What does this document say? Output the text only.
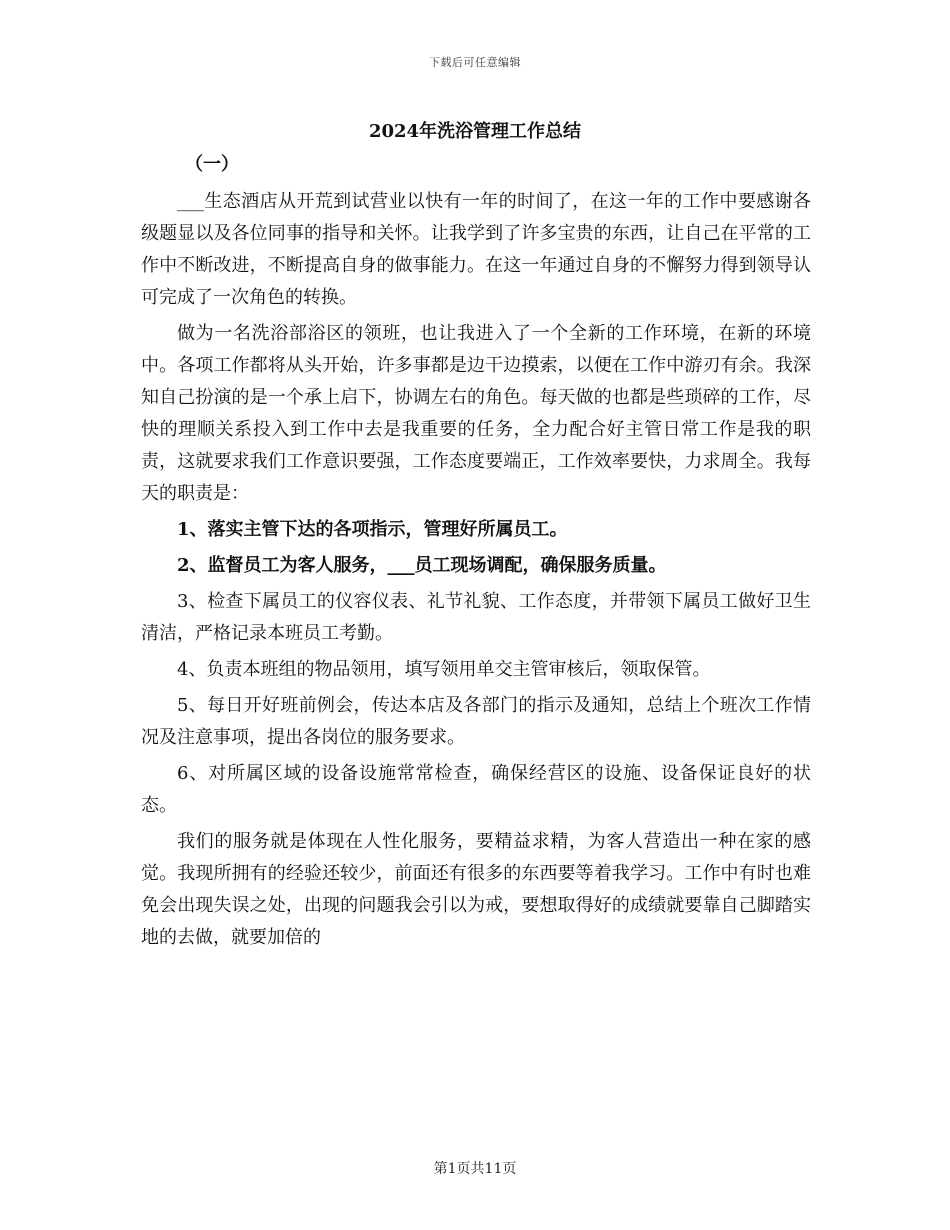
下载后可任意编辑
2024年洗浴管理工作总结
（一）

___生态酒店从开荒到试营业以快有一年的时间了，在这一年的工作中要感谢各级题显以及各位同事的指导和关怀。让我学到了许多宝贵的东西，让自己在平常的工作中不断改进，不断提高自身的做事能力。在这一年通过自身的不懈努力得到领导认可完成了一次角色的转换。

做为一名洗浴部浴区的领班，也让我进入了一个全新的工作环境，在新的环境中。各项工作都将从头开始，许多事都是边干边摸索，以便在工作中游刃有余。我深知自己扮演的是一个承上启下，协调左右的角色。每天做的也都是些琐碎的工作，尽快的理顺关系投入到工作中去是我重要的任务，全力配合好主管日常工作是我的职责，这就要求我们工作意识要强，工作态度要端正，工作效率要快，力求周全。我每天的职责是：

1、落实主管下达的各项指示，管理好所属员工。

2、监督员工为客人服务，___员工现场调配，确保服务质量。

3、检查下属员工的仪容仪表、礼节礼貌、工作态度，并带领下属员工做好卫生清洁，严格记录本班员工考勤。

4、负责本班组的物品领用，填写领用单交主管审核后，领取保管。

5、每日开好班前例会，传达本店及各部门的指示及通知，总结上个班次工作情况及注意事项，提出各岗位的服务要求。

6、对所属区域的设备设施常常检查，确保经营区的设施、设备保证良好的状态。

我们的服务就是体现在人性化服务，要精益求精，为客人营造出一种在家的感觉。我现所拥有的经验还较少，前面还有很多的东西要等着我学习。工作中有时也难免会出现失误之处，出现的问题我会引以为戒，要想取得好的成绩就要靠自己脚踏实地的去做，就要加倍的

第1页共11页
